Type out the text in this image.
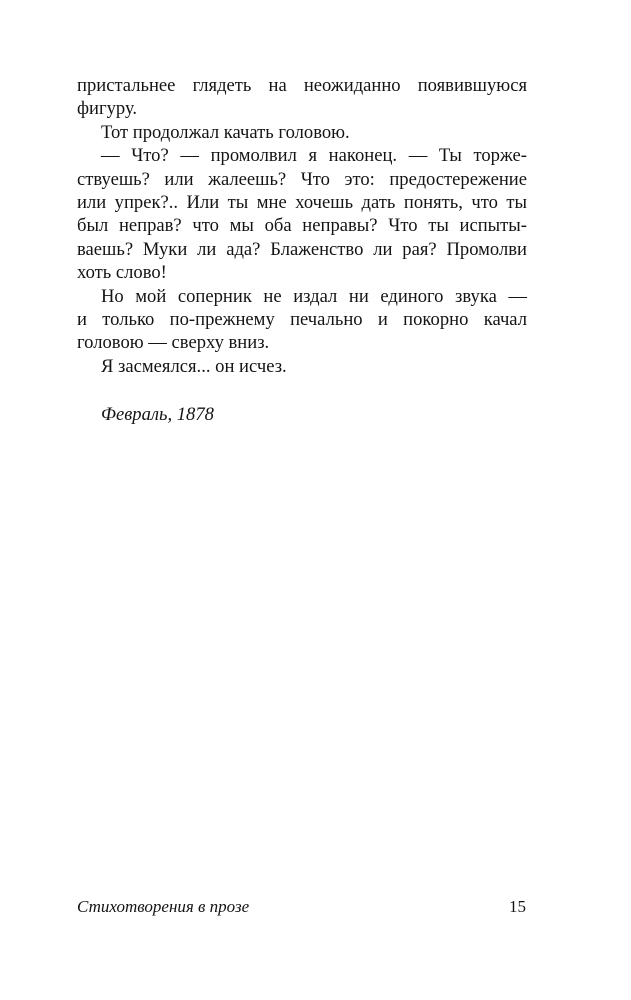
пристальнее глядеть на неожиданно появившуюся
фигуру.
Тот продолжал качать головою.
— Что? — промолвил я наконец. — Ты торже-
ствуешь? или жалеешь? Что это: предостережение
или упрек?.. Или ты мне хочешь дать понять, что ты
был неправ? что мы оба неправы? Что ты испыты-
ваешь? Муки ли ада? Блаженство ли рая? Промолви
хоть слово!
Но мой соперник не издал ни единого звука —
и только по-прежнему печально и покорно качал
головою — сверху вниз.
Я засмеялся... он исчез.
Февраль, 1878
Стихотворения в прозе	15
